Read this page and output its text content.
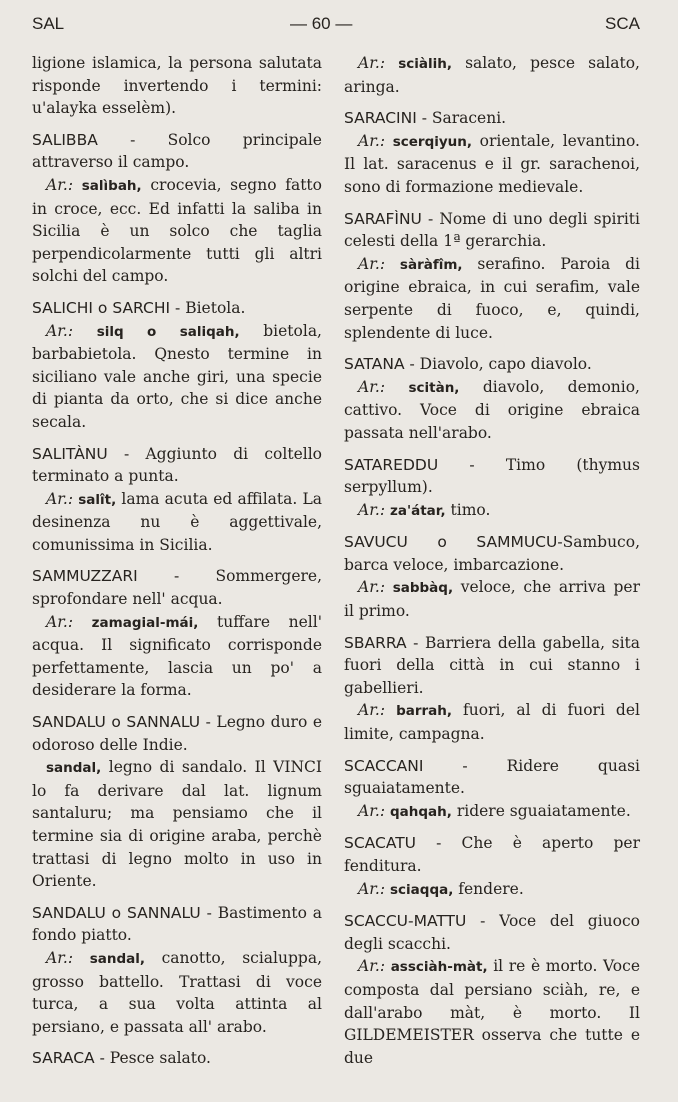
SAL	— 60 —	SCA

ligione islamica, la persona salutata risponde invertendo i termini: u'alayka esselèm).

SALIBBA - Solco principale attraverso il campo.
Ar.: salìbah, crocevia, segno fatto in croce, ecc. Ed infatti la saliba in Sicilia è un solco che taglia perpendicolarmente tutti gli altri solchi del campo.

SALICHI o SARCHI - Bietola.
Ar.: silq o saliqah, bietola, barbabietola. Qnesto termine in siciliano vale anche giri, una specie di pianta da orto, che si dice anche secala.

SALITÀNU - Aggiunto di coltello terminato a punta.
Ar.: salît, lama acuta ed affilata. La desinenza nu è aggettivale, comunissima in Sicilia.

SAMMUZZARI - Sommergere, sprofondare nell' acqua.
Ar.: zamagial-mái, tuffare nell' acqua. Il significato corrisponde perfettamente, lascia un po' a desiderare la forma.

SANDALU o SANNALU - Legno duro e odoroso delle Indie.
sandal, legno di sandalo. Il VINCI lo fa derivare dal lat. lignum santaluru; ma pensiamo che il termine sia di origine araba, perchè trattasi di legno molto in uso in Oriente.

SANDALU o SANNALU - Bastimento a fondo piatto.
Ar.: sandal, canotto, scialuppa, grosso battello. Trattasi di voce turca, a sua volta attinta al persiano, e passata all' arabo.

SARACA - Pesce salato.

Ar.: sciàlih, salato, pesce salato, aringa.

SARACINI - Saraceni.
Ar.: scerqiyun, orientale, levantino. Il lat. saracenus e il gr. sarachenoi, sono di formazione medievale.

SARAFÌNU - Nome di uno degli spiriti celesti della 1ª gerarchia.
Ar.: sàràfîm, serafino. Paroia di origine ebraica, in cui serafim, vale serpente di fuoco, e, quindi, splendente di luce.

SATANA - Diavolo, capo diavolo.
Ar.: scitàn, diavolo, demonio, cattivo. Voce di origine ebraica passata nell'arabo.

SATAREDDU - Timo (thymus serpyllum).
Ar.: za'átar, timo.

SAVUCU o SAMMUCU-Sambuco, barca veloce, imbarcazione.
Ar.: sabbàq, veloce, che arriva per il primo.

SBARRA - Barriera della gabella, sita fuori della città in cui stanno i gabellieri.
Ar.: barrah, fuori, al di fuori del limite, campagna.

SCACCANI - Ridere quasi sguaiatamente.
Ar.: qahqah, ridere sguaiatamente.

SCACATU - Che è aperto per fenditura.
Ar.: sciaqqa, fendere.

SCACCU-MATTU - Voce del giuoco degli scacchi.
Ar.: assciàh-màt, il re è morto. Voce composta dal persiano sciàh, re, e dall'arabo màt, è morto. Il GILDEMEISTER osserva che tutte e due
